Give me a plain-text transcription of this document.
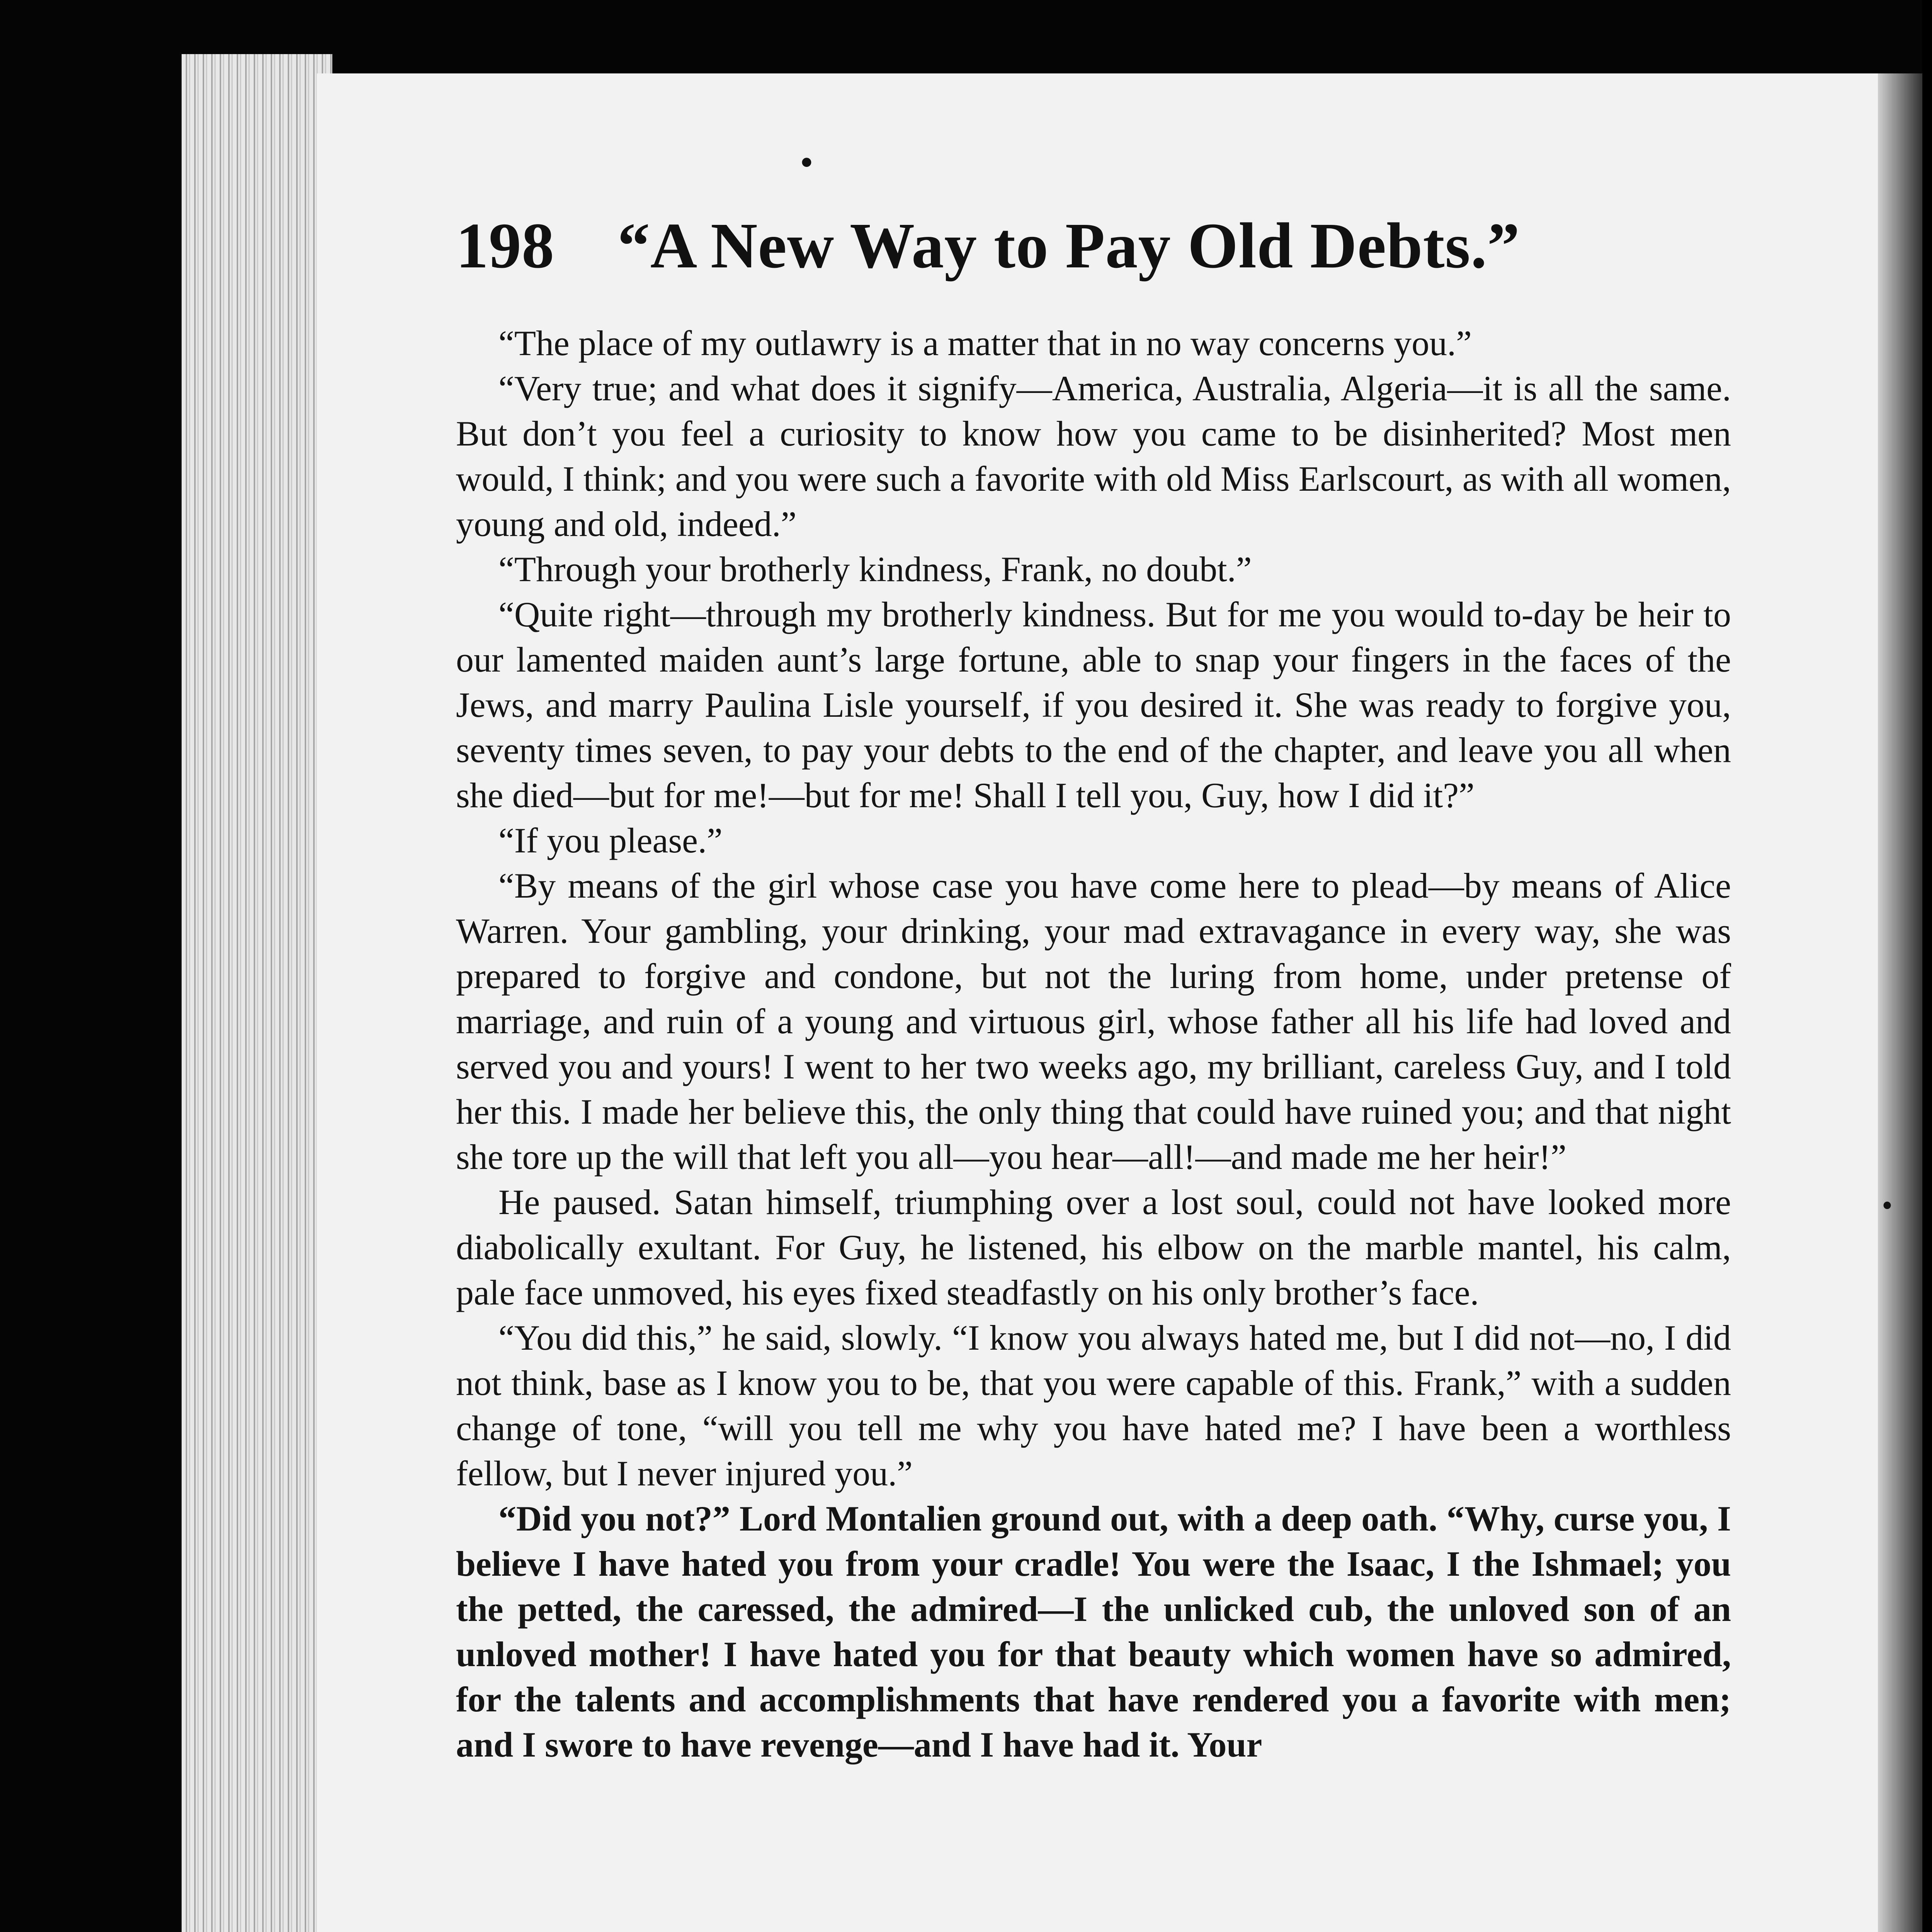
•
•
198 “A New Way to Pay Old Debts.”

“The place of my outlawry is a matter that in no way concerns you.”

“Very true; and what does it signify—America, Australia, Algeria—it is all the same. But don’t you feel a curiosity to know how you came to be disinherited? Most men would, I think; and you were such a favorite with old Miss Earlscourt, as with all women, young and old, indeed.”

“Through your brotherly kindness, Frank, no doubt.”

“Quite right—through my brotherly kindness. But for me you would to-day be heir to our lamented maiden aunt’s large fortune, able to snap your fingers in the faces of the Jews, and marry Paulina Lisle yourself, if you desired it. She was ready to forgive you, seventy times seven, to pay your debts to the end of the chapter, and leave you all when she died—but for me!—but for me! Shall I tell you, Guy, how I did it?”

“If you please.”

“By means of the girl whose case you have come here to plead—by means of Alice Warren. Your gambling, your drinking, your mad extravagance in every way, she was prepared to forgive and condone, but not the luring from home, under pretense of marriage, and ruin of a young and virtuous girl, whose father all his life had loved and served you and yours! I went to her two weeks ago, my brilliant, careless Guy, and I told her this. I made her believe this, the only thing that could have ruined you; and that night she tore up the will that left you all—you hear—all!—and made me her heir!”

He paused. Satan himself, triumphing over a lost soul, could not have looked more diabolically exultant. For Guy, he listened, his elbow on the marble mantel, his calm, pale face unmoved, his eyes fixed steadfastly on his only brother’s face.

“You did this,” he said, slowly. “I know you always hated me, but I did not—no, I did not think, base as I know you to be, that you were capable of this. Frank,” with a sudden change of tone, “will you tell me why you have hated me? I have been a worthless fellow, but I never injured you.”

“Did you not?” Lord Montalien ground out, with a deep oath. “Why, curse you, I believe I have hated you from your cradle! You were the Isaac, I the Ishmael; you the petted, the caressed, the admired—I the unlicked cub, the unloved son of an unloved mother! I have hated you for that beauty which women have so admired, for the talents and accomplishments that have rendered you a favorite with men; and I swore to have revenge—and I have had it. Your
